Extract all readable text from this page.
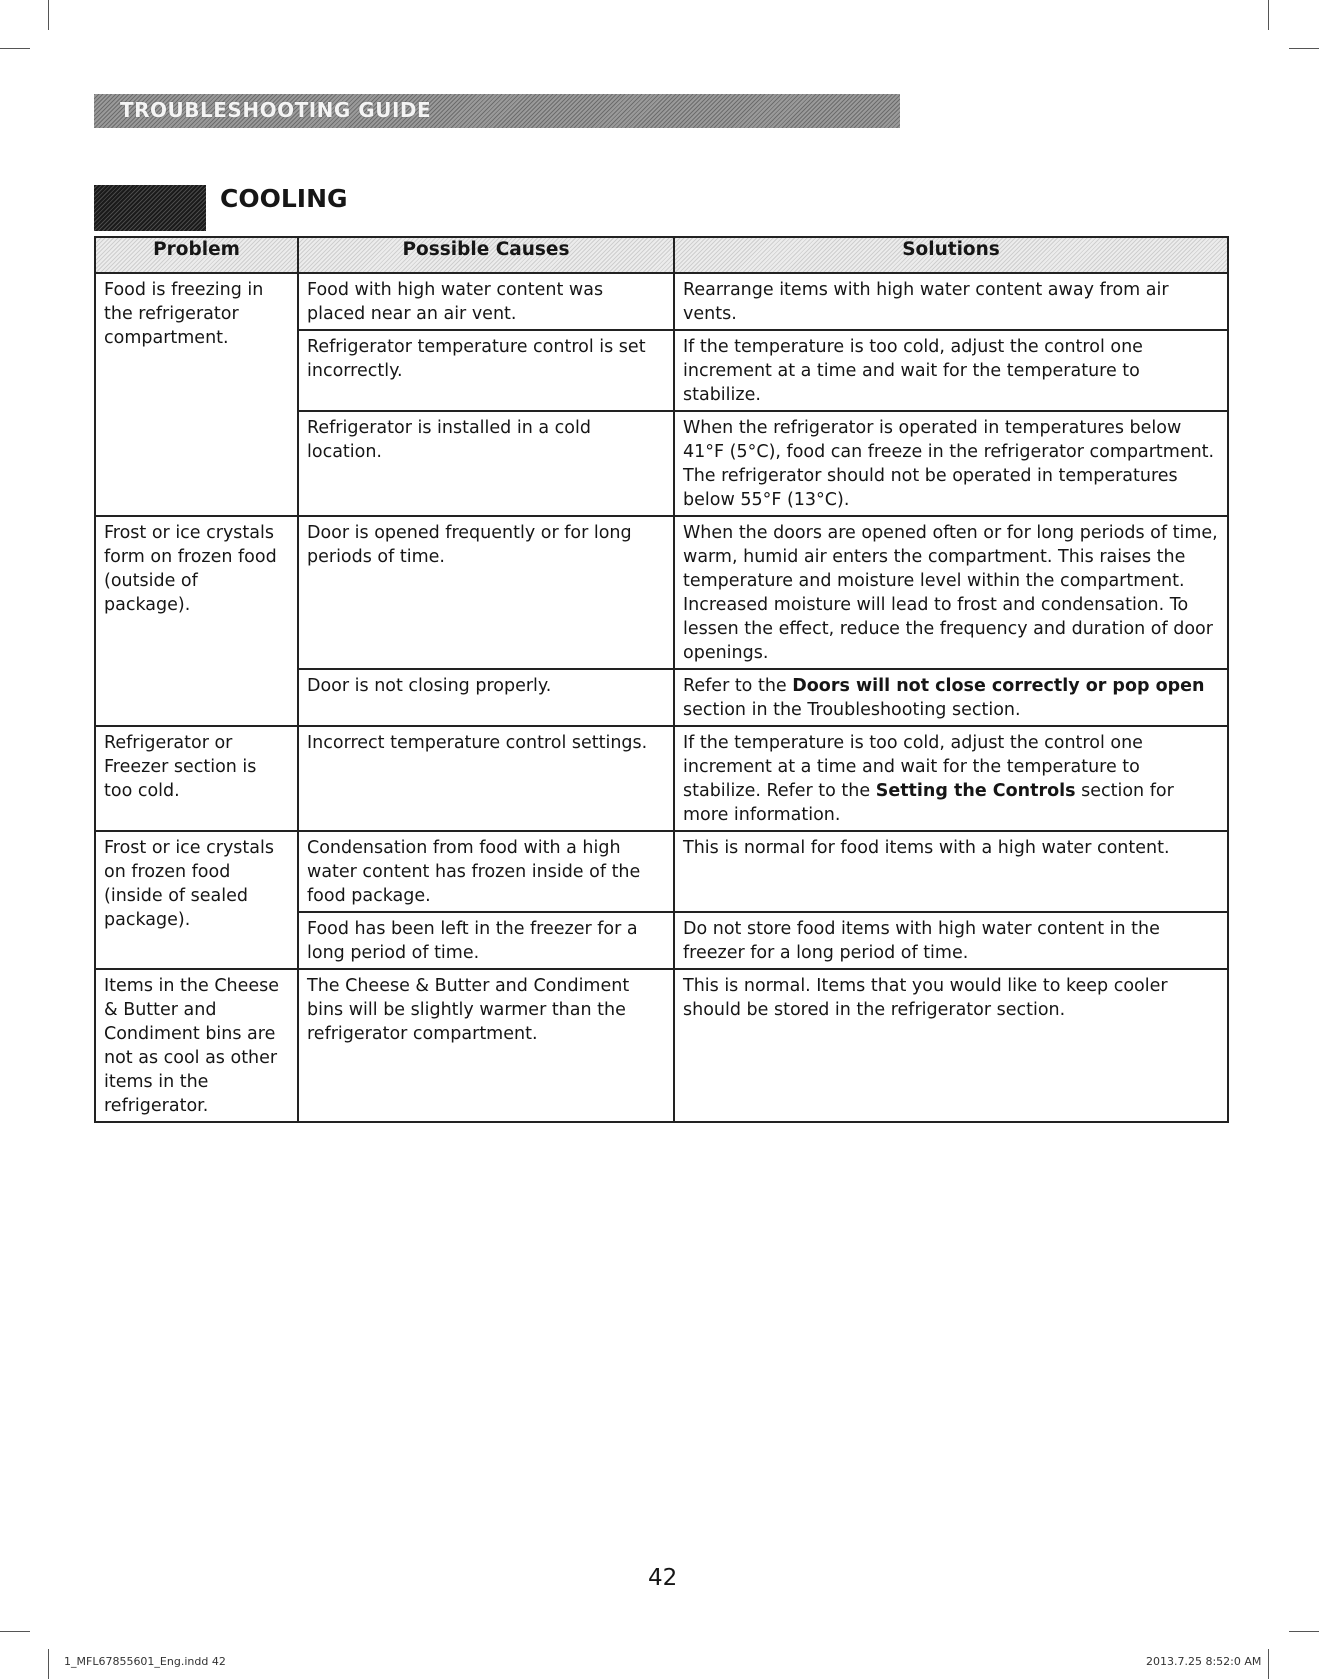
TROUBLESHOOTING GUIDE
COOLING
Problem	Possible Causes	Solutions
Food is freezing in the refrigerator compartment.	Food with high water content was placed near an air vent.	Rearrange items with high water content away from air vents.
	Refrigerator temperature control is set incorrectly.	If the temperature is too cold, adjust the control one increment at a time and wait for the temperature to stabilize.
	Refrigerator is installed in a cold location.	When the refrigerator is operated in temperatures below 41°F (5°C), food can freeze in the refrigerator compartment. The refrigerator should not be operated in temperatures below 55°F (13°C).
Frost or ice crystals form on frozen food (outside of package).	Door is opened frequently or for long periods of time.	When the doors are opened often or for long periods of time, warm, humid air enters the compartment. This raises the temperature and moisture level within the compartment. Increased moisture will lead to frost and condensation. To lessen the effect, reduce the frequency and duration of door openings.
	Door is not closing properly.	Refer to the Doors will not close correctly or pop open section in the Troubleshooting section.
Refrigerator or Freezer section is too cold.	Incorrect temperature control settings.	If the temperature is too cold, adjust the control one increment at a time and wait for the temperature to stabilize. Refer to the Setting the Controls section for more information.
Frost or ice crystals on frozen food (inside of sealed package).	Condensation from food with a high water content has frozen inside of the food package.	This is normal for food items with a high water content.
	Food has been left in the freezer for a long period of time.	Do not store food items with high water content in the freezer for a long period of time.
Items in the Cheese & Butter and Condiment bins are not as cool as other items in the refrigerator.	The Cheese & Butter and Condiment bins will be slightly warmer than the refrigerator compartment.	This is normal. Items that you would like to keep cooler should be stored in the refrigerator section.
42
1_MFL67855601_Eng.indd 42	2013.7.25 8:52:0 AM
